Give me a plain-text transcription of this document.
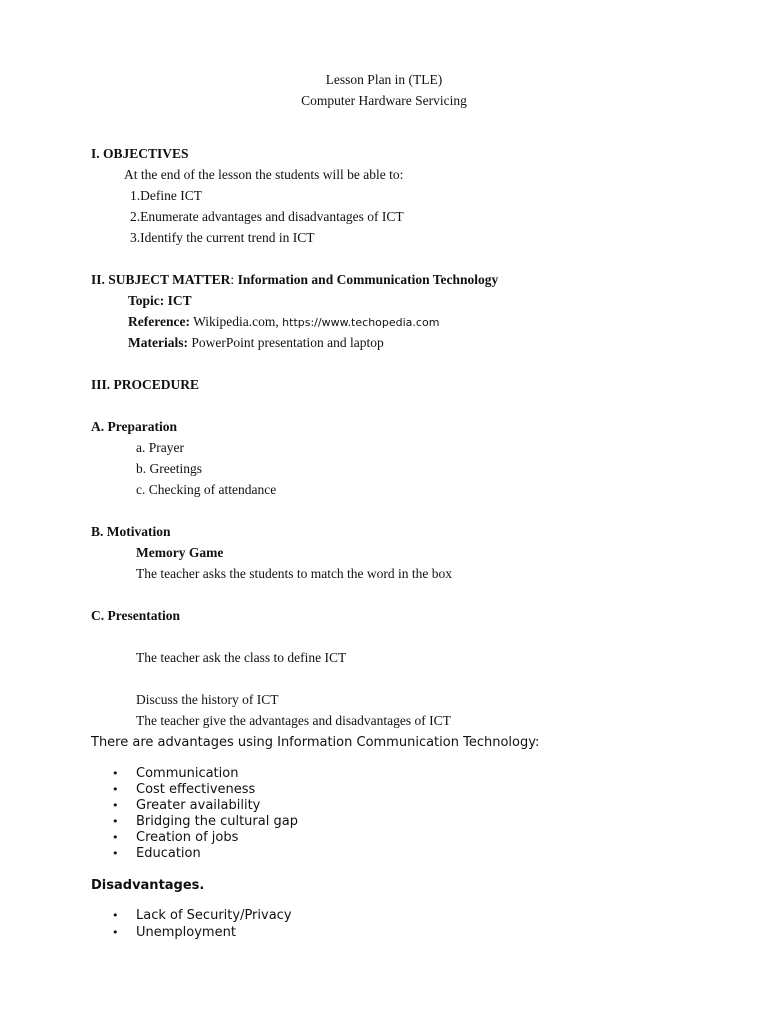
Lesson Plan in (TLE)
Computer Hardware Servicing
I. OBJECTIVES
At the end of the lesson the students will be able to:
1.Define ICT
2.Enumerate advantages and disadvantages of ICT
3.Identify the current trend in ICT
II. SUBJECT MATTER: Information and Communication Technology
Topic: ICT
Reference: Wikipedia.com, https://www.techopedia.com
Materials: PowerPoint presentation and laptop
III. PROCEDURE
A. Preparation
a. Prayer
b. Greetings
c. Checking of attendance
B. Motivation
Memory Game
The teacher asks the students to match the word in the box
C. Presentation
The teacher ask the class to define ICT
Discuss the history of ICT
The teacher give the advantages and disadvantages of ICT
There are advantages using Information Communication Technology:
• Communication
• Cost effectiveness
• Greater availability
• Bridging the cultural gap
• Creation of jobs
• Education
Disadvantages.
• Lack of Security/Privacy
• Unemployment
